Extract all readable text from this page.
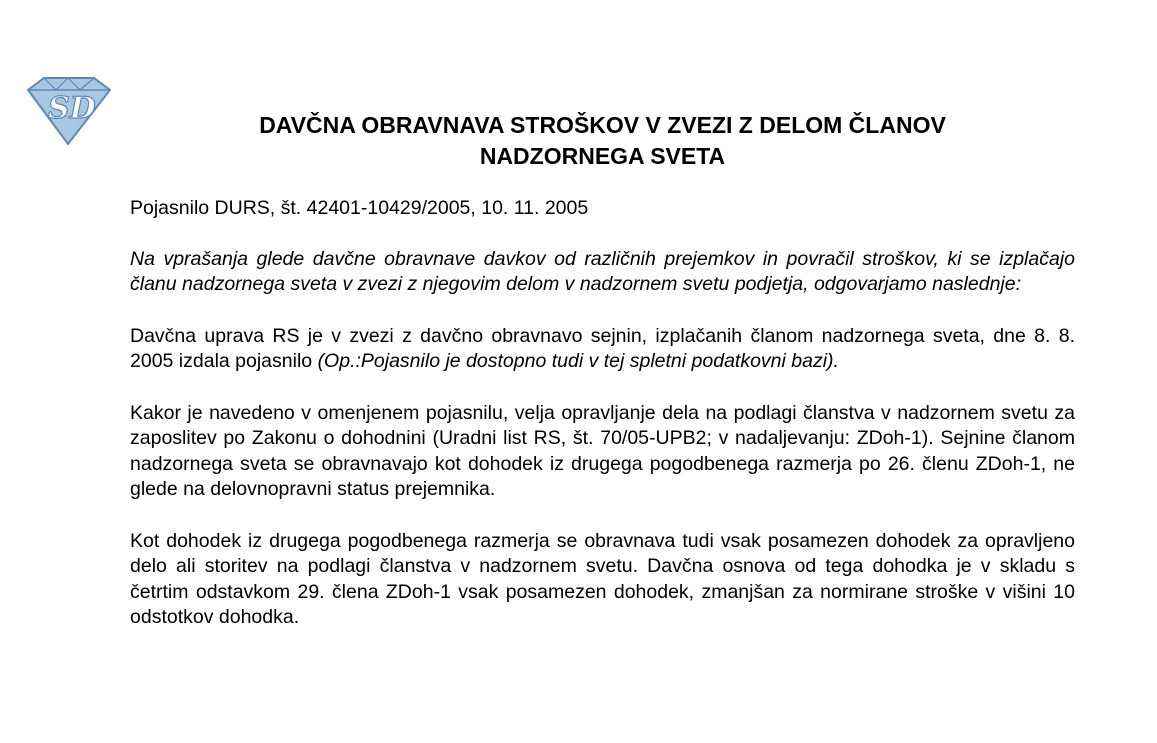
SD	DAVČNA OBRAVNAVA STROŠKOV V ZVEZI Z DELOM ČLANOV
NADZORNEGA SVETA

Pojasnilo DURS, št. 42401-10429/2005, 10. 11. 2005

Na vprašanja glede davčne obravnave davkov od različnih prejemkov in povračil stroškov, ki se izplačajo članu nadzornega sveta v zvezi z njegovim delom v nadzornem svetu podjetja, odgovarjamo naslednje:

Davčna uprava RS je v zvezi z davčno obravnavo sejnin, izplačanih članom nadzornega sveta, dne 8. 8. 2005 izdala pojasnilo (Op.:Pojasnilo je dostopno tudi v tej spletni podatkovni bazi).

Kakor je navedeno v omenjenem pojasnilu, velja opravljanje dela na podlagi članstva v nadzornem svetu za zaposlitev po Zakonu o dohodnini (Uradni list RS, št. 70/05-UPB2; v nadaljevanju: ZDoh-1). Sejnine članom nadzornega sveta se obravnavajo kot dohodek iz drugega pogodbenega razmerja po 26. členu ZDoh-1, ne glede na delovnopravni status prejemnika.

Kot dohodek iz drugega pogodbenega razmerja se obravnava tudi vsak posamezen dohodek za opravljeno delo ali storitev na podlagi članstva v nadzornem svetu. Davčna osnova od tega dohodka je v skladu s četrtim odstavkom 29. člena ZDoh-1 vsak posamezen dohodek, zmanjšan za normirane stroške v višini 10 odstotkov dohodka.
